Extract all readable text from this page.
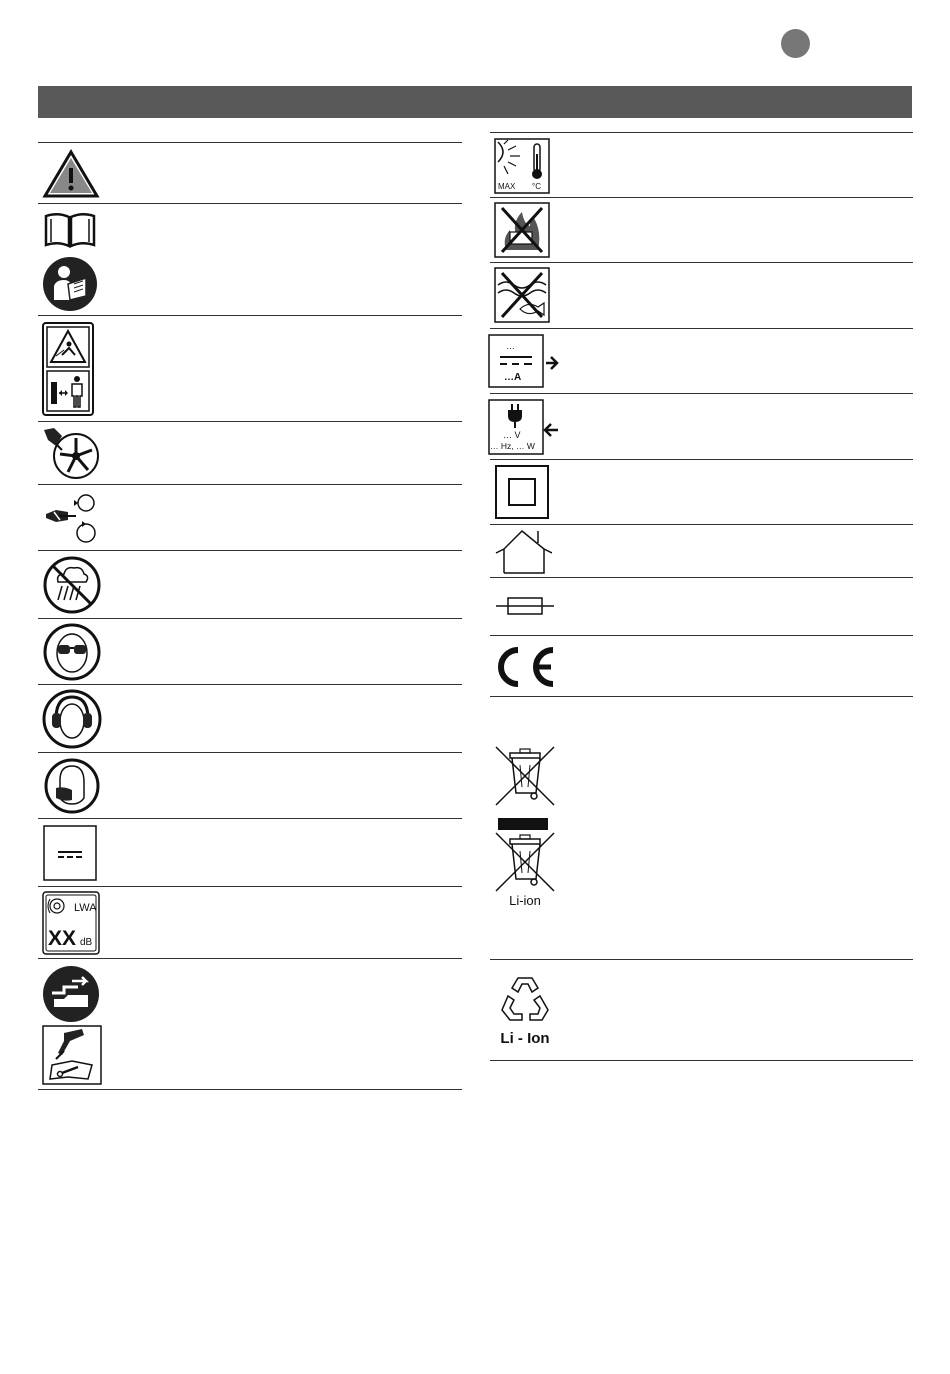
LWA
XX dB
MAX °C
…
…A
… V
… Hz, … W
Li-ion
Li - Ion
